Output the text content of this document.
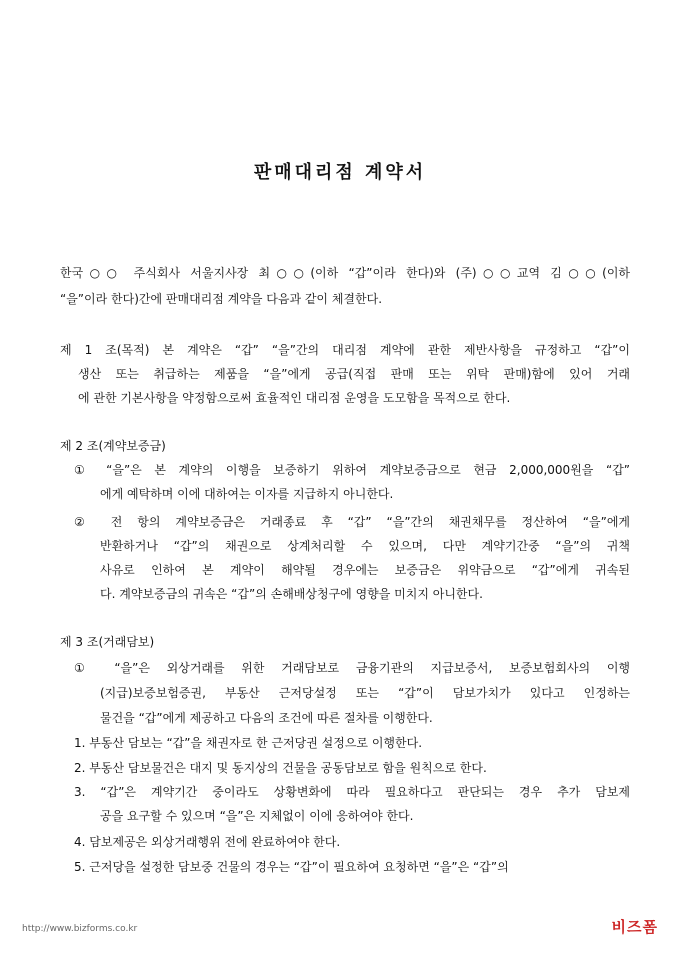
판매대리점 계약서
한국○○ 주식회사 서울지사장 최○○(이하 “갑”이라 한다)와 (주)○○교역 김○○(이하
“을”이라 한다)간에 판매대리점 계약을 다음과 같이 체결한다.
제 1 조(목적) 본 계약은 “갑” “을”간의 대리점 계약에 관한 제반사항을 규정하고 “갑”이
생산 또는 취급하는 제품을 “을”에게 공급(직접 판매 또는 위탁 판매)함에 있어 거래
에 관한 기본사항을 약정함으로써 효율적인 대리점 운영을 도모함을 목적으로 한다.
제 2 조(계약보증금)
① “을”은 본 계약의 이행을 보증하기 위하여 계약보증금으로 현금 2,000,000원을 “갑”
에게 예탁하며 이에 대하여는 이자를 지급하지 아니한다.
② 전 항의 계약보증금은 거래종료 후 “갑” “을”간의 채권채무를 정산하여 “을”에게
반환하거나 “갑”의 채권으로 상계처리할 수 있으며, 다만 계약기간중 “을”의 귀책
사유로 인하여 본 계약이 해약될 경우에는 보증금은 위약금으로 “갑”에게 귀속된
다. 계약보증금의 귀속은 “갑”의 손해배상청구에 영향을 미치지 아니한다.
제 3 조(거래담보)
① “을”은 외상거래를 위한 거래담보로 금융기관의 지급보증서, 보증보험회사의 이행
(지급)보증보험증권, 부동산 근저당설정 또는 “갑”이 담보가치가 있다고 인정하는
물건을 “갑”에게 제공하고 다음의 조건에 따른 절차를 이행한다.
1. 부동산 담보는 “갑”을 채권자로 한 근저당권 설정으로 이행한다.
2. 부동산 담보물건은 대지 및 동지상의 건물을 공동담보로 함을 원칙으로 한다.
3. “갑”은 계약기간 중이라도 상황변화에 따라 필요하다고 판단되는 경우 추가 담보제
공을 요구할 수 있으며 “을”은 지체없이 이에 응하여야 한다.
4. 담보제공은 외상거래행위 전에 완료하여야 한다.
5. 근저당을 설정한 담보중 건물의 경우는 “갑”이 필요하여 요청하면 “을”은 “갑”의
http://www.bizforms.co.kr	비즈폼
